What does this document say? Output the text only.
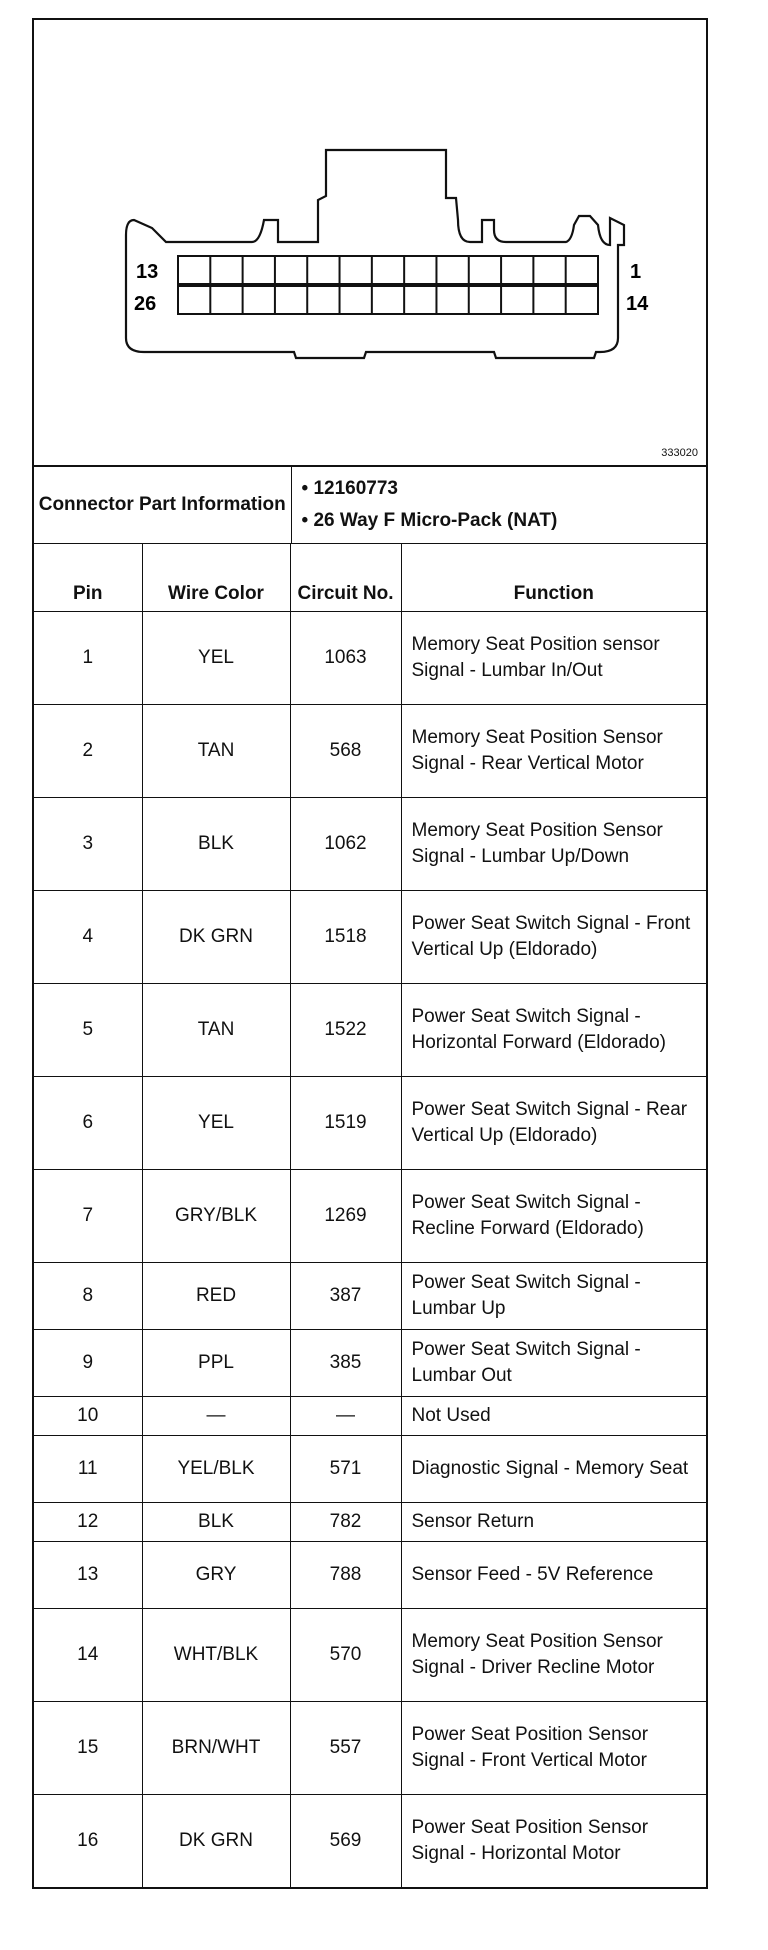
13
26
1
14
333020
Connector Part Information	
• 12160773
• 26 Way F Micro-Pack (NAT)
Pin	Wire Color	Circuit No.	Function
1	YEL	1063	Memory Seat Position sensor Signal - Lumbar In/Out
2	TAN	568	Memory Seat Position Sensor Signal - Rear Vertical Motor
3	BLK	1062	Memory Seat Position Sensor Signal - Lumbar Up/Down
4	DK GRN	1518	Power Seat Switch Signal - Front Vertical Up (Eldorado)
5	TAN	1522	Power Seat Switch Signal - Horizontal Forward (Eldorado)
6	YEL	1519	Power Seat Switch Signal - Rear Vertical Up (Eldorado)
7	GRY/BLK	1269	Power Seat Switch Signal - Recline Forward (Eldorado)
8	RED	387	Power Seat Switch Signal - Lumbar Up
9	PPL	385	Power Seat Switch Signal - Lumbar Out
10	—	—	Not Used
11	YEL/BLK	571	Diagnostic Signal - Memory Seat
12	BLK	782	Sensor Return
13	GRY	788	Sensor Feed - 5V Reference
14	WHT/BLK	570	Memory Seat Position Sensor Signal - Driver Recline Motor
15	BRN/WHT	557	Power Seat Position Sensor Signal - Front Vertical Motor
16	DK GRN	569	Power Seat Position Sensor Signal - Horizontal Motor
